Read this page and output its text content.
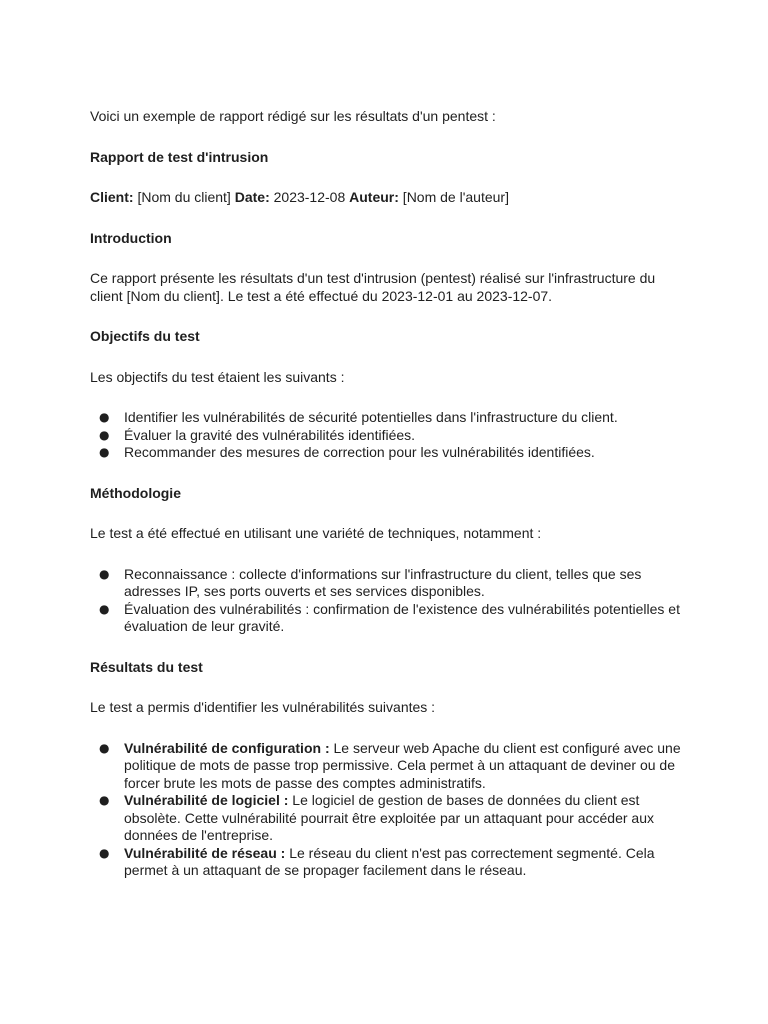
Voici un exemple de rapport rédigé sur les résultats d'un pentest :

Rapport de test d'intrusion

Client: [Nom du client] Date: 2023-12-08 Auteur: [Nom de l'auteur]

Introduction

Ce rapport présente les résultats d'un test d'intrusion (pentest) réalisé sur l'infrastructure du client [Nom du client]. Le test a été effectué du 2023-12-01 au 2023-12-07.

Objectifs du test

Les objectifs du test étaient les suivants :

● Identifier les vulnérabilités de sécurité potentielles dans l'infrastructure du client.
● Évaluer la gravité des vulnérabilités identifiées.
● Recommander des mesures de correction pour les vulnérabilités identifiées.

Méthodologie

Le test a été effectué en utilisant une variété de techniques, notamment :

● Reconnaissance : collecte d'informations sur l'infrastructure du client, telles que ses adresses IP, ses ports ouverts et ses services disponibles.
● Évaluation des vulnérabilités : confirmation de l'existence des vulnérabilités potentielles et évaluation de leur gravité.

Résultats du test

Le test a permis d'identifier les vulnérabilités suivantes :

● Vulnérabilité de configuration : Le serveur web Apache du client est configuré avec une politique de mots de passe trop permissive. Cela permet à un attaquant de deviner ou de forcer brute les mots de passe des comptes administratifs.
● Vulnérabilité de logiciel : Le logiciel de gestion de bases de données du client est obsolète. Cette vulnérabilité pourrait être exploitée par un attaquant pour accéder aux données de l'entreprise.
● Vulnérabilité de réseau : Le réseau du client n'est pas correctement segmenté. Cela permet à un attaquant de se propager facilement dans le réseau.
